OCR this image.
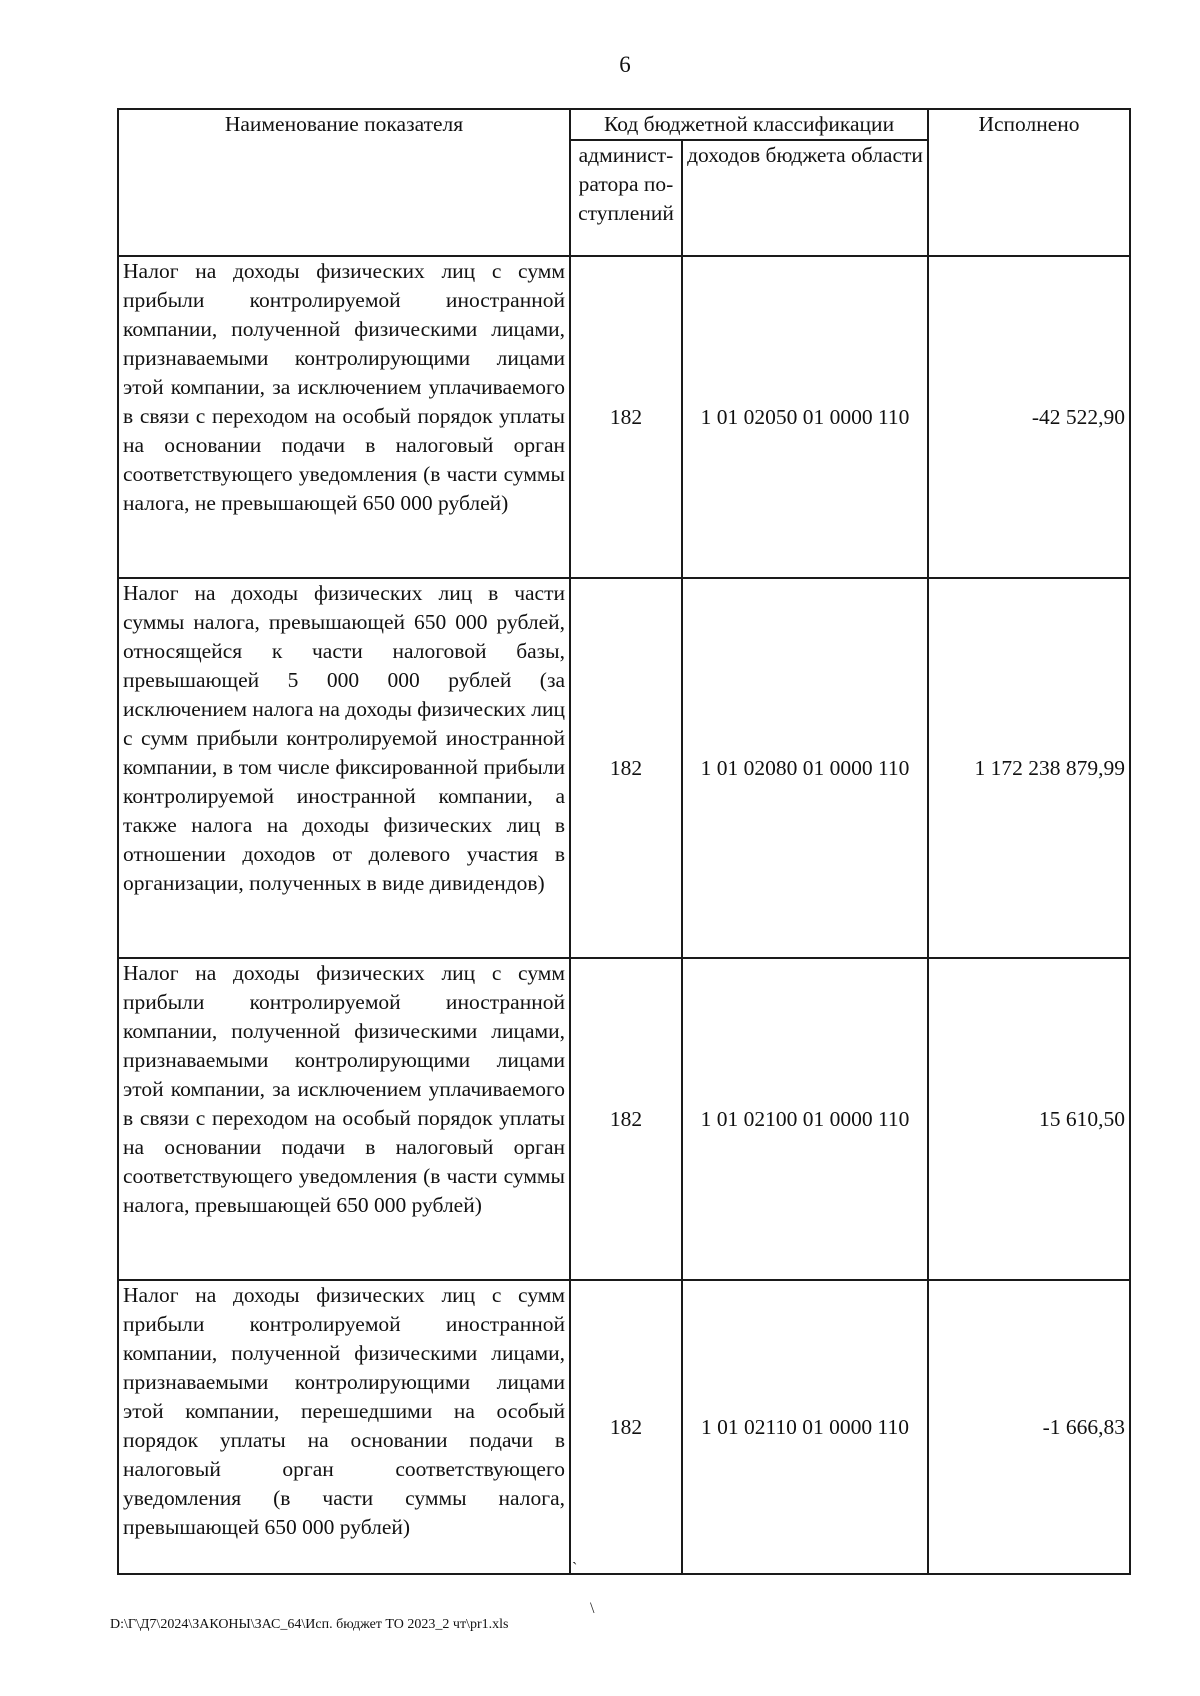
6
Наименование показателя	Код бюджетной классификации		Исполнено
	админист-ратора по-ступлений	доходов бюджета области	
Налог на доходы физических лиц с сумм прибыли контролируемой иностранной компании, полученной физическими лицами, признаваемыми контролирующими лицами этой компании, за исключением уплачиваемого в связи с переходом на особый порядок уплаты на основании подачи в налоговый орган соответствующего уведомления (в части суммы налога, не превышающей 650 000 рублей)	182	1 01 02050 01 0000 110	-42 522,90
Налог на доходы физических лиц в части суммы налога, превышающей 650 000 рублей, относящейся к части налоговой базы, превышающей 5 000 000 рублей (за исключением налога на доходы физических лиц с сумм прибыли контролируемой иностранной компании, в том числе фиксированной прибыли контролируемой иностранной компании, а также налога на доходы физических лиц в отношении доходов от долевого участия в организации, полученных в виде дивидендов)	182	1 01 02080 01 0000 110	1 172 238 879,99
Налог на доходы физических лиц с сумм прибыли контролируемой иностранной компании, полученной физическими лицами, признаваемыми контролирующими лицами этой компании, за исключением уплачиваемого в связи с переходом на особый порядок уплаты на основании подачи в налоговый орган соответствующего уведомления (в части суммы налога, превышающей 650 000 рублей)	182	1 01 02100 01 0000 110	15 610,50
Налог на доходы физических лиц с сумм прибыли контролируемой иностранной компании, полученной физическими лицами, признаваемыми контролирующими лицами этой компании, перешедшими на особый порядок уплаты на основании подачи в налоговый орган соответствующего уведомления (в части суммы налога, превышающей 650 000 рублей)	182	1 01 02110 01 0000 110	-1 666,83
D:\Г\Д7\2024\ЗАКОНЫ\ЗАС_64\Исп. бюджет ТО 2023_2 чт\pr1.xls
ˋ
\
